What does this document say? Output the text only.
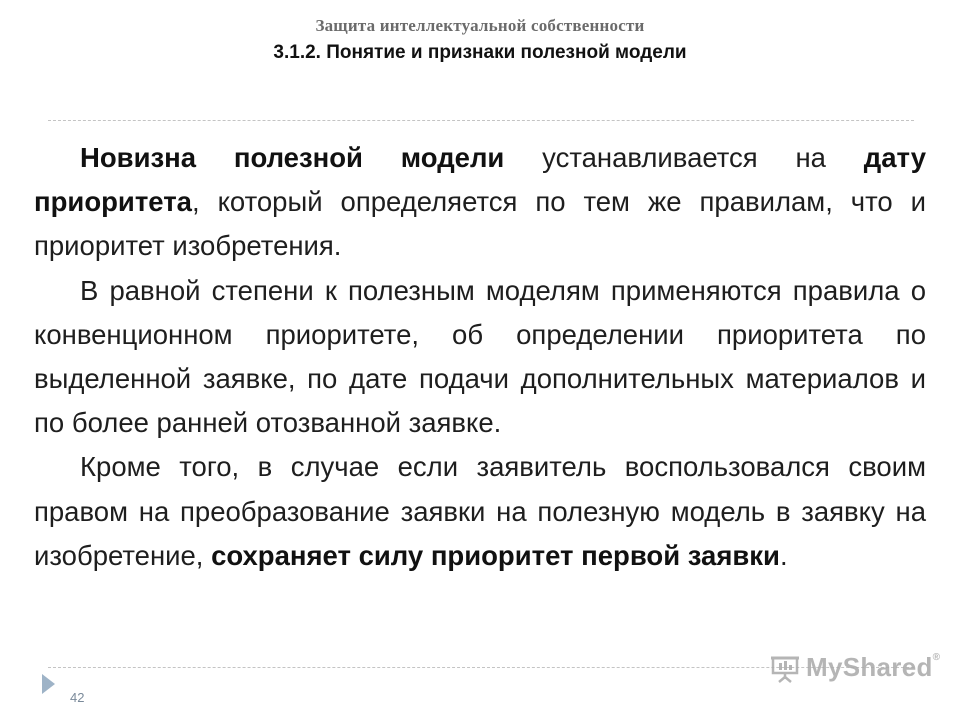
Защита интеллектуальной собственности
3.1.2. Понятие и признаки полезной модели

Новизна полезной модели устанавливается на дату приоритета, который определяется по тем же правилам, что и приоритет изобретения.

В равной степени к полезным моделям применяются правила о конвенционном приоритете, об определении приоритета по выделенной заявке, по дате подачи дополнительных материалов и по более ранней отозванной заявке.

Кроме того, в случае если заявитель воспользовался своим правом на преобразование заявки на полезную модель в заявку на изобретение, сохраняет силу приоритет первой заявки.

42
MyShared®
